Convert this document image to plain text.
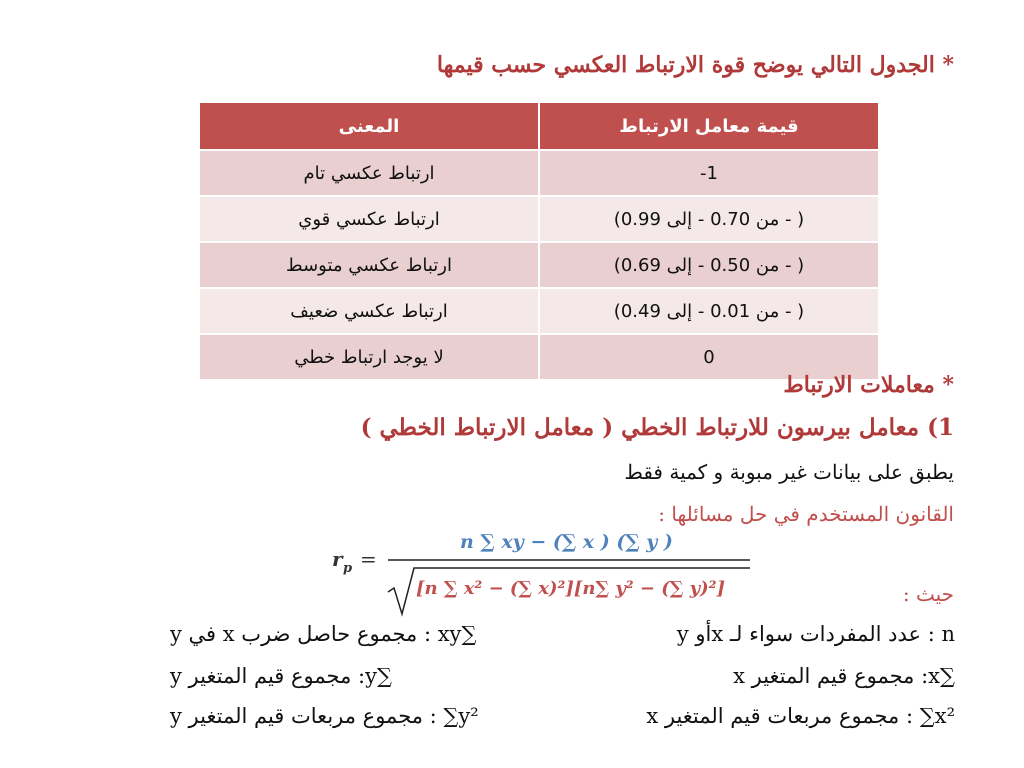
* الجدول التالي يوضح قوة الارتباط العكسي حسب قيمها
قيمة معامل الارتباط	المعنى
-1	ارتباط عكسي تام
(من 0.70 - إلى 0.99 - )	ارتباط عكسي قوي
(من 0.50 - إلى 0.69 - )	ارتباط عكسي متوسط
(من 0.01 - إلى 0.49 - )	ارتباط عكسي ضعيف
0	لا يوجد ارتباط خطي
* معاملات الارتباط
1) معامل بيرسون للارتباط الخطي ( معامل الارتباط الخطي )
يطبق على بيانات غير مبوبة و كمية فقط
القانون المستخدم في حل مسائلها :
r p =
n ∑ xy − (∑ x ) (∑ y )
[n ∑ x² − (∑ x)²][n∑ y² − (∑ y)²]	حيث :
n : عدد المفردات سواء لـ xأو y
∑xy : مجموع حاصل ضرب x في y
∑x: مجموع قيم المتغير x
∑y: مجموع قيم المتغير y
x²∑ : مجموع مربعات قيم المتغير x
y²∑ : مجموع مربعات قيم المتغير y
